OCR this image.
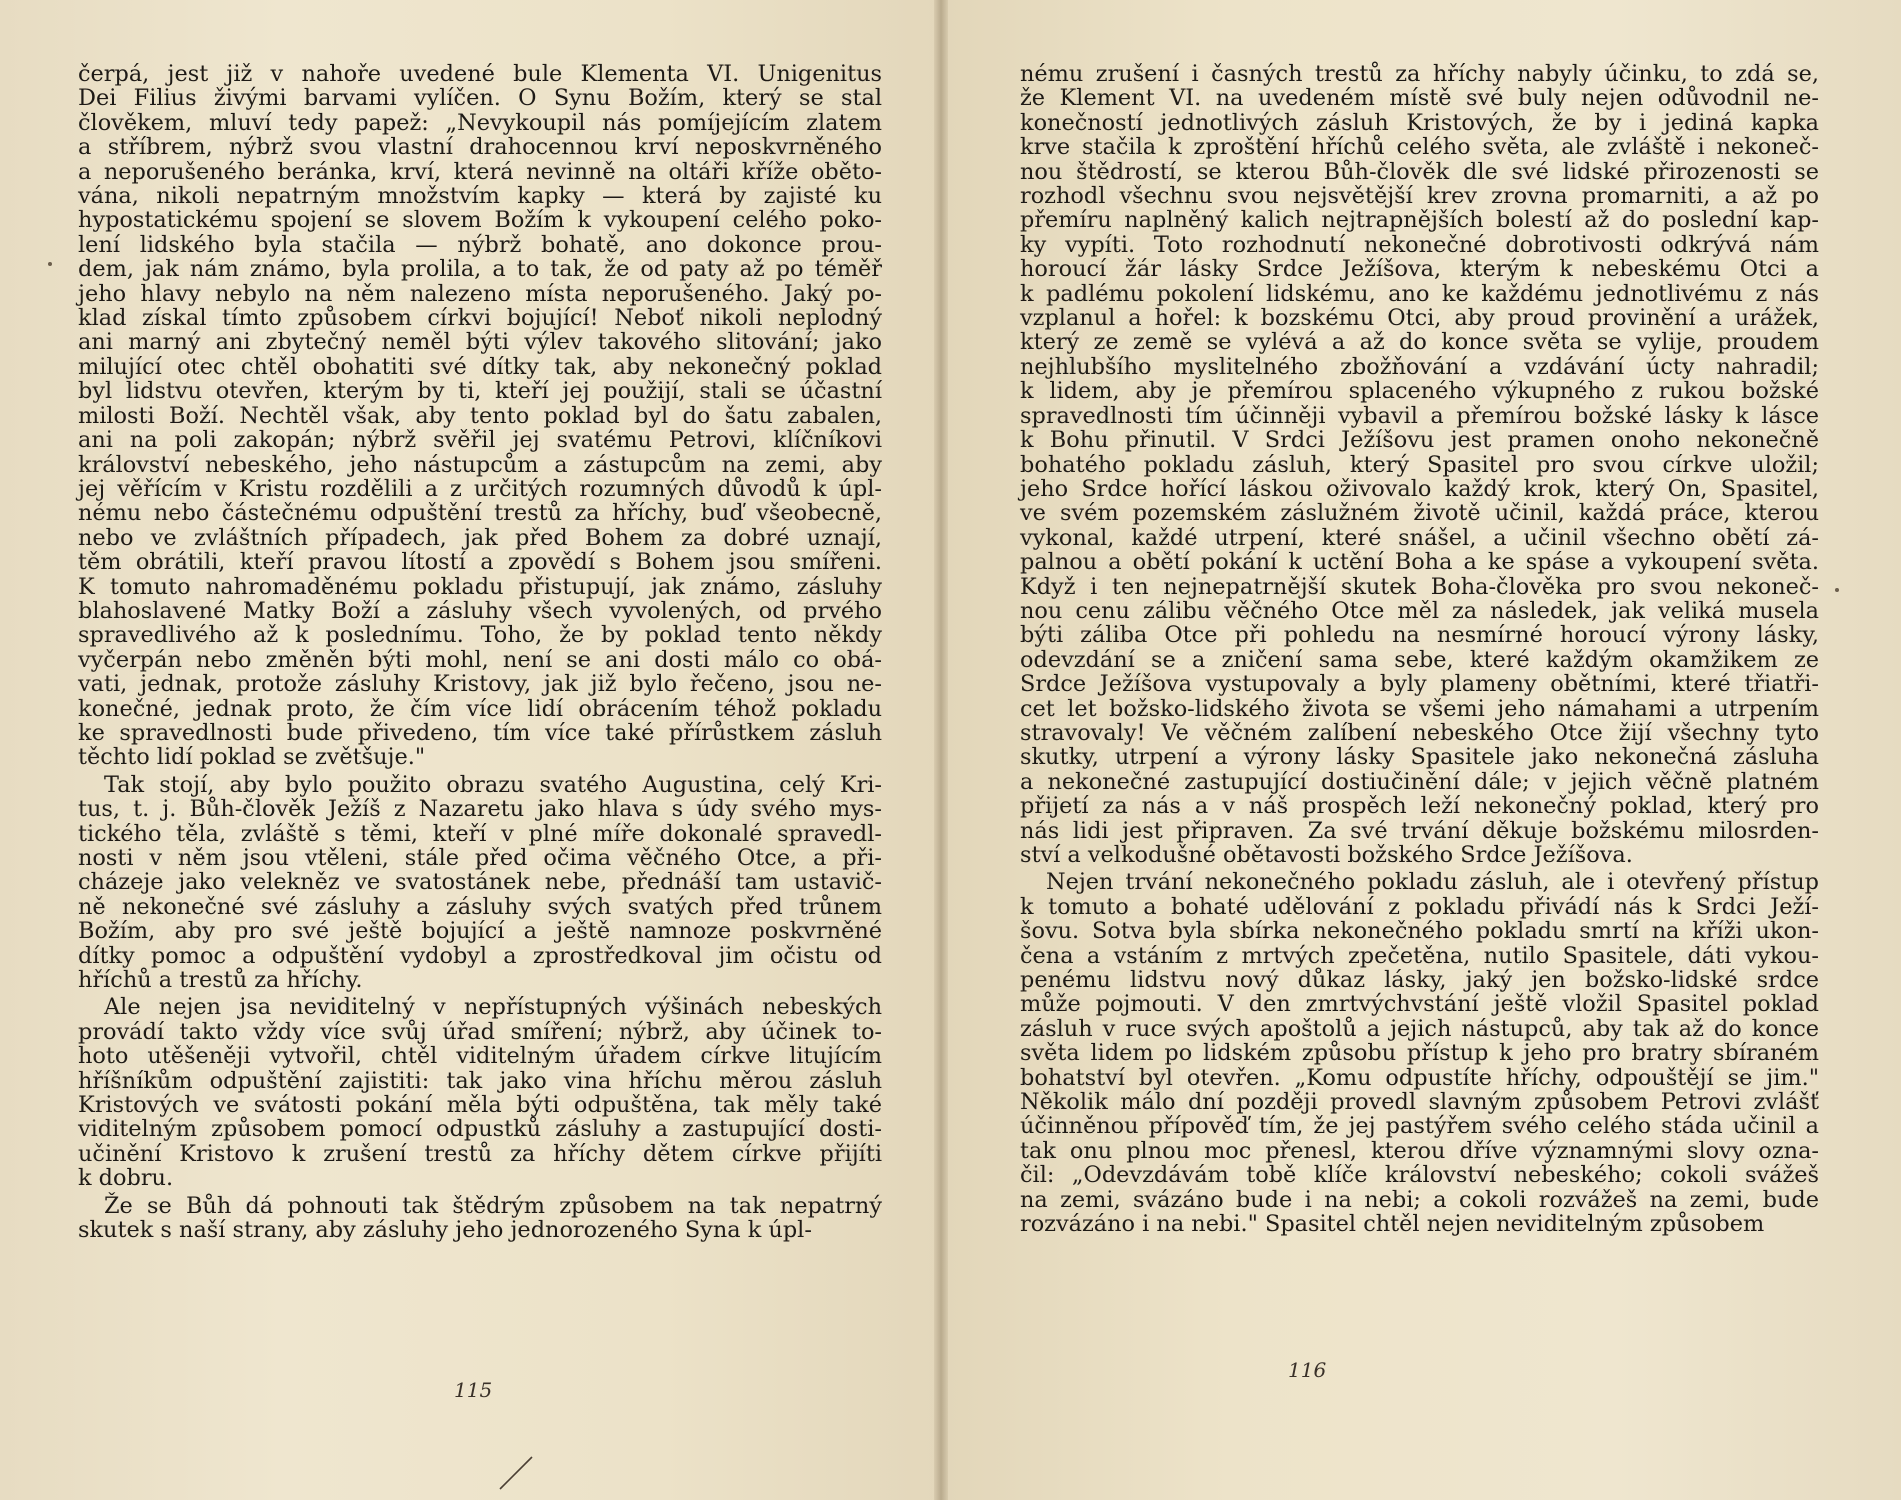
čerpá, jest již v nahoře uvedené bule Klementa VI. Unigenitus

Dei Filius živými barvami vylíčen. O Synu Božím, který se stal

člověkem, mluví tedy papež: „Nevykoupil nás pomíjejícím zlatem

a stříbrem, nýbrž svou vlastní drahocennou krví neposkvrněného

a neporušeného beránka, krví, která nevinně na oltáři kříže oběto-

vána, nikoli nepatrným množstvím kapky — která by zajisté ku

hypostatickému spojení se slovem Božím k vykoupení celého poko-

lení lidského byla stačila — nýbrž bohatě, ano dokonce prou-

dem, jak nám známo, byla prolila, a to tak, že od paty až po téměř

jeho hlavy nebylo na něm nalezeno místa neporušeného. Jaký po-

klad získal tímto způsobem církvi bojující! Neboť nikoli neplodný

ani marný ani zbytečný neměl býti výlev takového slitování; jako

milující otec chtěl obohatiti své dítky tak, aby nekonečný poklad

byl lidstvu otevřen, kterým by ti, kteří jej použijí, stali se účastní

milosti Boží. Nechtěl však, aby tento poklad byl do šatu zabalen,

ani na poli zakopán; nýbrž svěřil jej svatému Petrovi, klíčníkovi

království nebeského, jeho nástupcům a zástupcům na zemi, aby

jej věřícím v Kristu rozdělili a z určitých rozumných důvodů k úpl-

nému nebo částečnému odpuštění trestů za hříchy, buď všeobecně,

nebo ve zvláštních případech, jak před Bohem za dobré uznají,

těm obrátili, kteří pravou lítostí a zpovědí s Bohem jsou smířeni.

K tomuto nahromaděnému pokladu přistupují, jak známo, zásluhy

blahoslavené Matky Boží a zásluhy všech vyvolených, od prvého

spravedlivého až k poslednímu. Toho, že by poklad tento někdy

vyčerpán nebo změněn býti mohl, není se ani dosti málo co obá-

vati, jednak, protože zásluhy Kristovy, jak již bylo řečeno, jsou ne-

konečné, jednak proto, že čím více lidí obrácením téhož pokladu

ke spravedlnosti bude přivedeno, tím více také přírůstkem zásluh

těchto lidí poklad se zvětšuje."

Tak stojí, aby bylo použito obrazu svatého Augustina, celý Kri-

tus, t. j. Bůh-člověk Ježíš z Nazaretu jako hlava s údy svého mys-

tického těla, zvláště s těmi, kteří v plné míře dokonalé spravedl-

nosti v něm jsou vtěleni, stále před očima věčného Otce, a při-

cházeje jako velekněz ve svatostánek nebe, přednáší tam ustavič-

ně nekonečné své zásluhy a zásluhy svých svatých před trůnem

Božím, aby pro své ještě bojující a ještě namnoze poskvrněné

dítky pomoc a odpuštění vydobyl a zprostředkoval jim očistu od

hříchů a trestů za hříchy.

Ale nejen jsa neviditelný v nepřístupných výšinách nebeských

provádí takto vždy více svůj úřad smíření; nýbrž, aby účinek to-

hoto utěšeněji vytvořil, chtěl viditelným úřadem církve litujícím

hříšníkům odpuštění zajistiti: tak jako vina hříchu měrou zásluh

Kristových ve svátosti pokání měla býti odpuštěna, tak měly také

viditelným způsobem pomocí odpustků zásluhy a zastupující dosti-

učinění Kristovo k zrušení trestů za hříchy dětem církve přijíti

k dobru.

Že se Bůh dá pohnouti tak štědrým způsobem na tak nepatrný

skutek s naší strany, aby zásluhy jeho jednorozeného Syna k úpl-

115

nému zrušení i časných trestů za hříchy nabyly účinku, to zdá se,

že Klement VI. na uvedeném místě své buly nejen odůvodnil ne-

konečností jednotlivých zásluh Kristových, že by i jediná kapka

krve stačila k zproštění hříchů celého světa, ale zvláště i nekoneč-

nou štědrostí, se kterou Bůh-člověk dle své lidské přirozenosti se

rozhodl všechnu svou nejsvětější krev zrovna promarniti, a až po

přemíru naplněný kalich nejtrapnějších bolestí až do poslední kap-

ky vypíti. Toto rozhodnutí nekonečné dobrotivosti odkrývá nám

horoucí žár lásky Srdce Ježíšova, kterým k nebeskému Otci a

k padlému pokolení lidskému, ano ke každému jednotlivému z nás

vzplanul a hořel: k bozskému Otci, aby proud provinění a urážek,

který ze země se vylévá a až do konce světa se vylije, proudem

nejhlubšího myslitelného zbožňování a vzdávání úcty nahradil;

k lidem, aby je přemírou splaceného výkupného z rukou božské

spravedlnosti tím účinněji vybavil a přemírou božské lásky k lásce

k Bohu přinutil. V Srdci Ježíšovu jest pramen onoho nekonečně

bohatého pokladu zásluh, který Spasitel pro svou církve uložil;

jeho Srdce hořící láskou oživovalo každý krok, který On, Spasitel,

ve svém pozemském záslužném životě učinil, každá práce, kterou

vykonal, každé utrpení, které snášel, a učinil všechno obětí zá-

palnou a obětí pokání k uctění Boha a ke spáse a vykoupení světa.

Když i ten nejnepatrnější skutek Boha-člověka pro svou nekoneč-

nou cenu zálibu věčného Otce měl za následek, jak veliká musela

býti záliba Otce při pohledu na nesmírné horoucí výrony lásky,

odevzdání se a zničení sama sebe, které každým okamžikem ze

Srdce Ježíšova vystupovaly a byly plameny obětními, které třiatři-

cet let božsko-lidského života se všemi jeho námahami a utrpením

stravovaly! Ve věčném zalíbení nebeského Otce žijí všechny tyto

skutky, utrpení a výrony lásky Spasitele jako nekonečná zásluha

a nekonečné zastupující dostiučinění dále; v jejich věčně platném

přijetí za nás a v náš prospěch leží nekonečný poklad, který pro

nás lidi jest připraven. Za své trvání děkuje božskému milosrden-

ství a velkodušné obětavosti božského Srdce Ježíšova.

Nejen trvání nekonečného pokladu zásluh, ale i otevřený přístup

k tomuto a bohaté udělování z pokladu přivádí nás k Srdci Ježí-

šovu. Sotva byla sbírka nekonečného pokladu smrtí na kříži ukon-

čena a vstáním z mrtvých zpečetěna, nutilo Spasitele, dáti vykou-

penému lidstvu nový důkaz lásky, jaký jen božsko-lidské srdce

může pojmouti. V den zmrtvýchvstání ještě vložil Spasitel poklad

zásluh v ruce svých apoštolů a jejich nástupců, aby tak až do konce

světa lidem po lidském způsobu přístup k jeho pro bratry sbíraném

bohatství byl otevřen. „Komu odpustíte hříchy, odpouštějí se jim."

Několik málo dní později provedl slavným způsobem Petrovi zvlášť

účinněnou přípověď tím, že jej pastýřem svého celého stáda učinil a

tak onu plnou moc přenesl, kterou dříve významnými slovy ozna-

čil: „Odevzdávám tobě klíče království nebeského; cokoli svážeš

na zemi, svázáno bude i na nebi; a cokoli rozvážeš na zemi, bude

rozvázáno i na nebi." Spasitel chtěl nejen neviditelným způsobem

116
